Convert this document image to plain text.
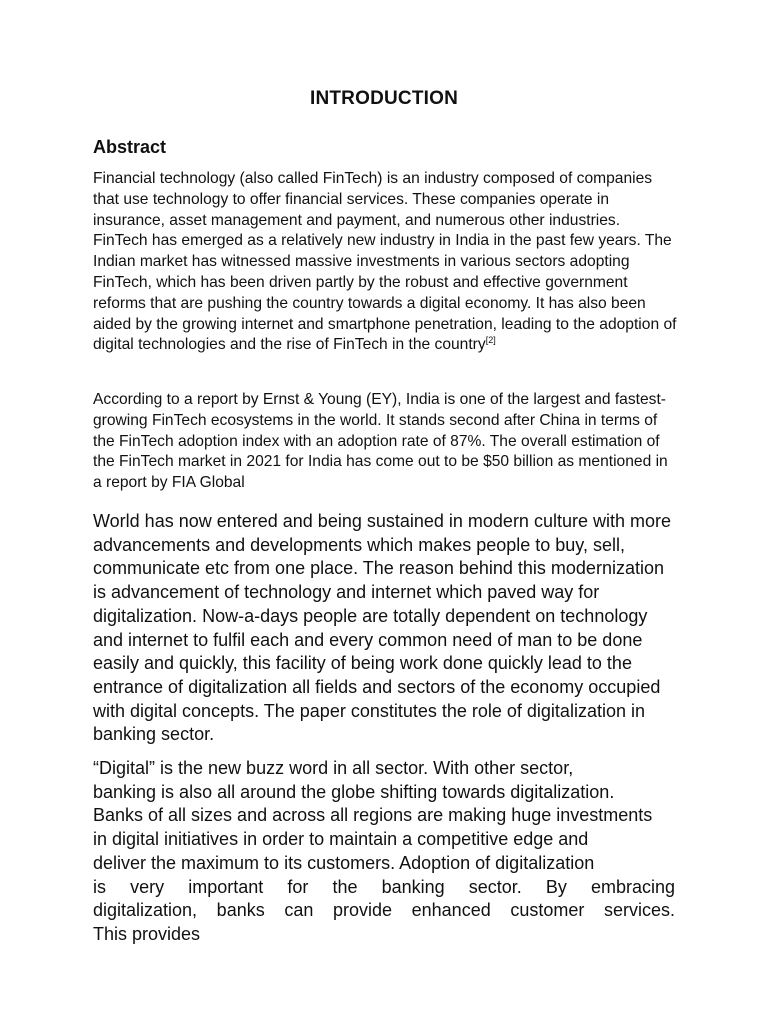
INTRODUCTION
Abstract

Financial technology (also called FinTech) is an industry composed of companies that use technology to offer financial services. These companies operate in insurance, asset management and payment, and numerous other industries. FinTech has emerged as a relatively new industry in India in the past few years. The Indian market has witnessed massive investments in various sectors adopting FinTech, which has been driven partly by the robust and effective government reforms that are pushing the country towards a digital economy. It has also been aided by the growing internet and smartphone penetration, leading to the adoption of digital technologies and the rise of FinTech in the country[2]

According to a report by Ernst & Young (EY), India is one of the largest and fastest-growing FinTech ecosystems in the world. It stands second after China in terms of the FinTech adoption index with an adoption rate of 87%. The overall estimation of the FinTech market in 2021 for India has come out to be $50 billion as mentioned in a report by FIA Global

World has now entered and being sustained in modern culture with more advancements and developments which makes people to buy, sell, communicate etc from one place. The reason behind this modernization is advancement of technology and internet which paved way for digitalization. Now-a-days people are totally dependent on technology and internet to fulfil each and every common need of man to be done easily and quickly, this facility of being work done quickly lead to the entrance of digitalization all fields and sectors of the economy occupied with digital concepts. The paper constitutes the role of digitalization in banking sector.

“Digital” is the new buzz word in all sector. With other sector,
banking is also all around the globe shifting towards digitalization.
Banks of all sizes and across all regions are making huge investments
in digital initiatives in order to maintain a competitive edge and
deliver the maximum to its customers. Adoption of digitalization
is very important for the banking sector. By embracing
digitalization, banks can provide enhanced customer services.
This provides
